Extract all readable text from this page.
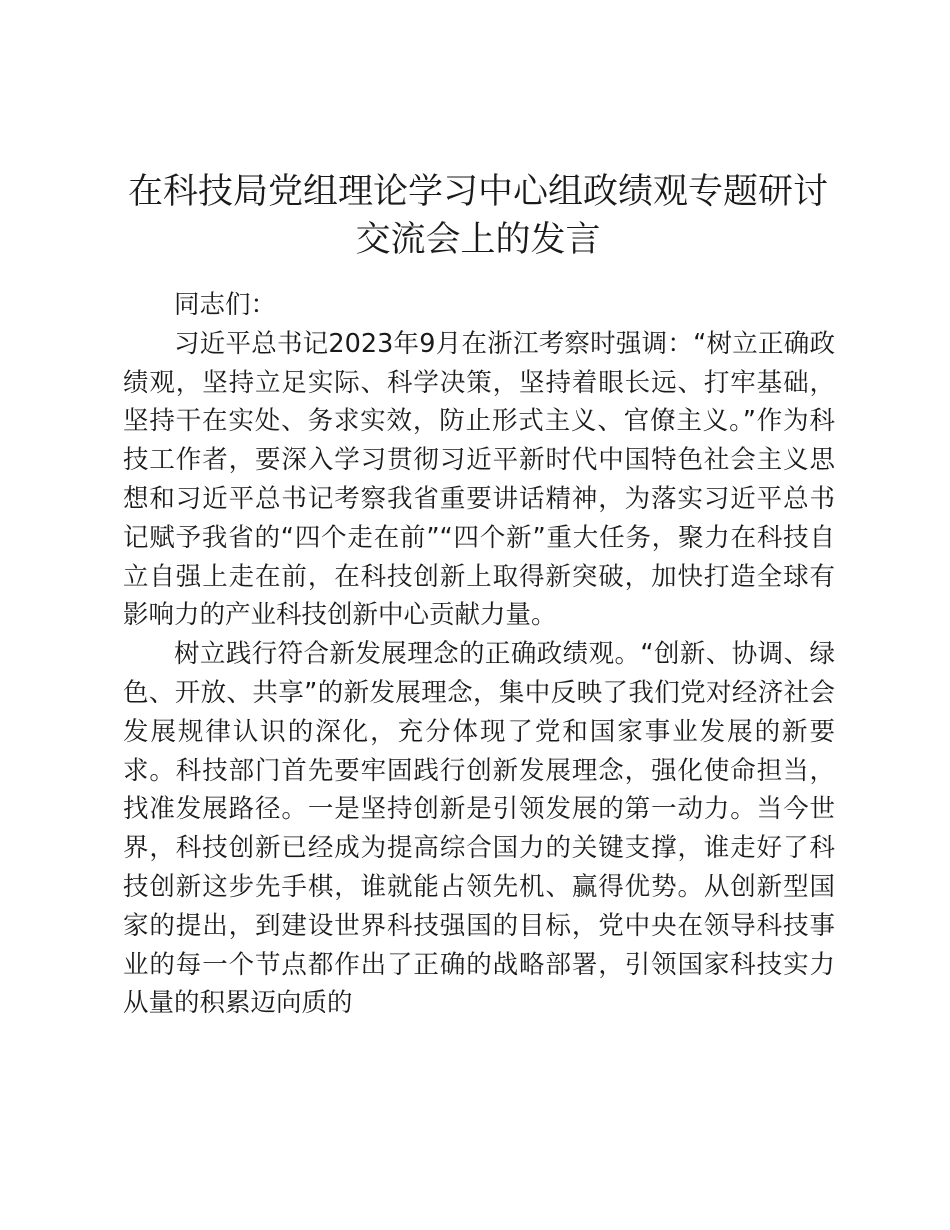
在科技局党组理论学习中心组政绩观专题研讨
交流会上的发言

同志们：

习近平总书记2023年9月在浙江考察时强调：“树立正确政绩观，坚持立足实际、科学决策，坚持着眼长远、打牢基础，坚持干在实处、务求实效，防止形式主义、官僚主义。”作为科技工作者，要深入学习贯彻习近平新时代中国特色社会主义思想和习近平总书记考察我省重要讲话精神，为落实习近平总书记赋予我省的“四个走在前”“四个新”重大任务，聚力在科技自立自强上走在前，在科技创新上取得新突破，加快打造全球有影响力的产业科技创新中心贡献力量。

树立践行符合新发展理念的正确政绩观。“创新、协调、绿色、开放、共享”的新发展理念，集中反映了我们党对经济社会发展规律认识的深化，充分体现了党和国家事业发展的新要求。科技部门首先要牢固践行创新发展理念，强化使命担当，找准发展路径。一是坚持创新是引领发展的第一动力。当今世界，科技创新已经成为提高综合国力的关键支撑，谁走好了科技创新这步先手棋，谁就能占领先机、赢得优势。从创新型国家的提出，到建设世界科技强国的目标，党中央在领导科技事业的每一个节点都作出了正确的战略部署，引领国家科技实力从量的积累迈向质的
